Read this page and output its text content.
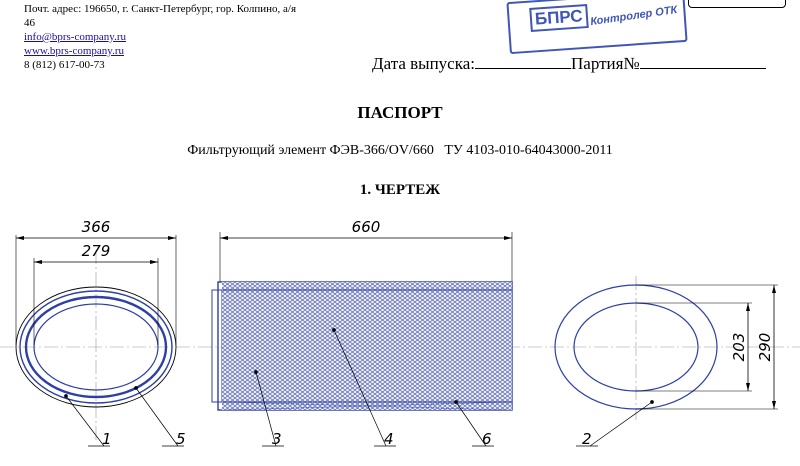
Почт. адрес: 196650, г. Санкт-Петербург, гор. Колпино, а/я
46
info@bprs-company.ru
www.bprs-company.ru
8 (812) 617-00-73
БПРС Контролер ОТК
Дата выпуска:	Партия№
ПАСПОРТ
Фильтрующий элемент ФЭВ-366/OV/660   ТУ 4103-010-64043000-2011
1. ЧЕРТЕЖ
366
279
660
203 290
1	5	3	4	6	2
